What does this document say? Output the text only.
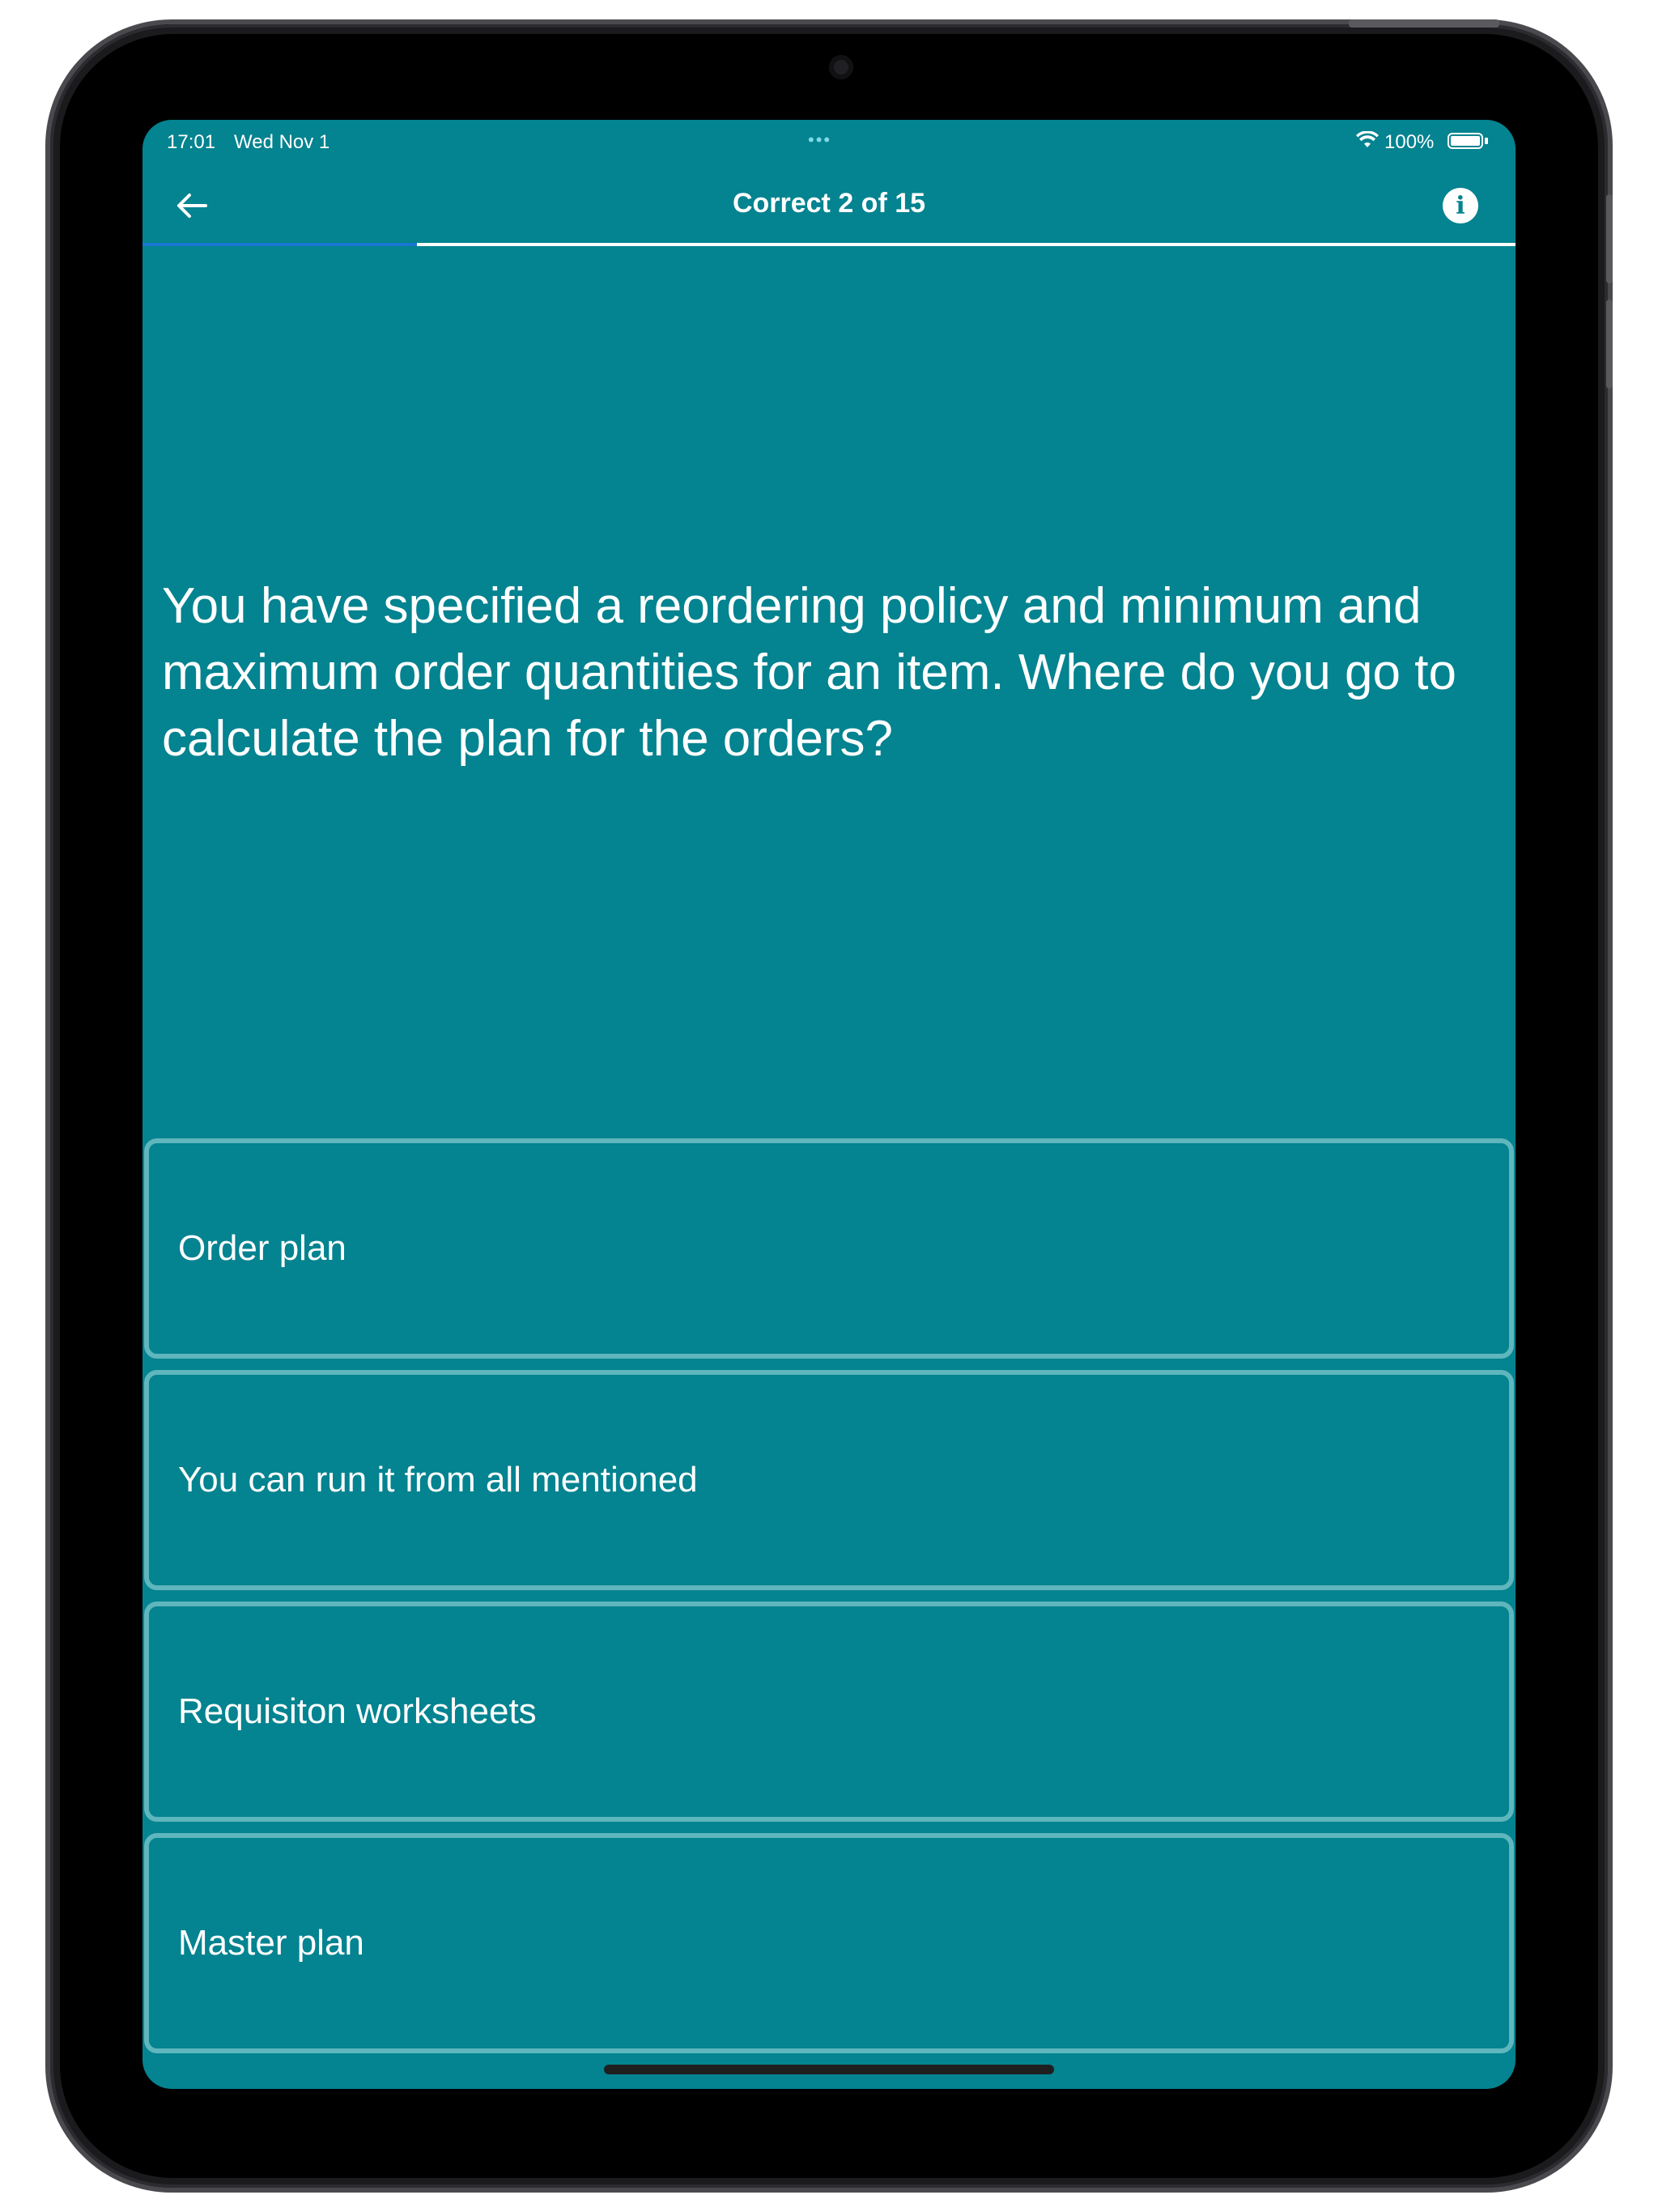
17:01 Wed Nov 1	•••	100%
Correct 2 of 15	i
You have specified a reordering policy and minimum and maximum order quantities for an item. Where do you go to calculate the plan for the orders?
Order plan
You can run it from all mentioned
Requisiton worksheets
Master plan
